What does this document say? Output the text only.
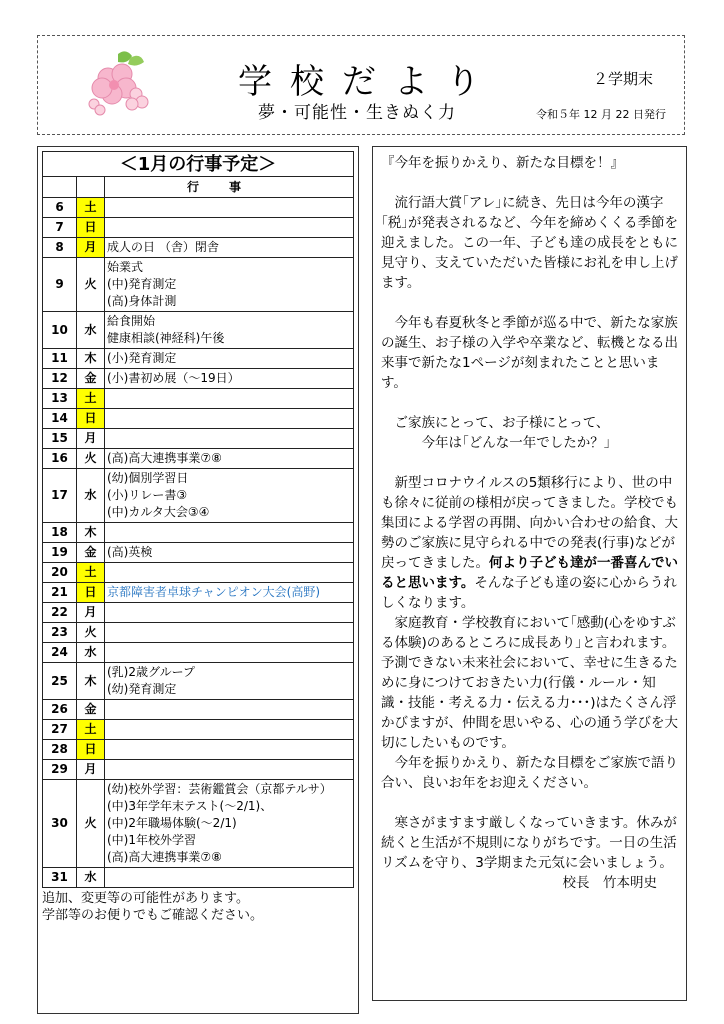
学校だより	２学期末
夢・可能性・生きぬく力	令和５年 12 月 22 日発行
＜1月の行事予定＞		
		行事
6	土	
7	日	
8	月	成人の日 （舎）閉舎

9	火	始業式
(中)発育測定
(高)身体計測

10	水	給食開始
健康相談(神経科)午後

11	木	(小)発育測定

12	金	(小)書初め展（～19日）

13	土	
14	日	
15	月	
16	火	(高)高大連携事業⑦⑧

17	水	(幼)個別学習日
(小)リレー書③
(中)カルタ大会③④

18	木	
19	金	(高)英検

20	土	
21	日	京都障害者卓球チャンピオン大会(高野)

22	月	
23	火	
24	水	
25	木	(乳)2歳グループ
(幼)発育測定

26	金	
27	土	
28	日	
29	月	
30	火	(幼)校外学習：芸術鑑賞会（京都テルサ）
(中)3年学年末テスト(～2/1)、
(中)2年職場体験(～2/1)
(中)1年校外学習
(高)高大連携事業⑦⑧

31	水	
追加、変更等の可能性があります。
学部等のお便りでもご確認ください。

『今年を振りかえり、新たな目標を！』

　流行語大賞｢アレ｣に続き、先日は今年の漢字｢税｣が発表されるなど、今年を締めくくる季節を迎えました。この一年、子ども達の成長をともに見守り、支えていただいた皆様にお礼を申し上げます。

　今年も春夏秋冬と季節が巡る中で、新たな家族の誕生、お子様の入学や卒業など、転機となる出来事で新たな1ページが刻まれたことと思います。

　ご家族にとって、お子様にとって、

　　　今年は｢どんな一年でしたか？｣

　新型コロナウイルスの5類移行により、世の中も徐々に従前の様相が戻ってきました。学校でも集団による学習の再開、向かい合わせの給食、大勢のご家族に見守られる中での発表(行事)などが戻ってきました。何より子ども達が一番喜んでいると思います。そんな子ども達の姿に心からうれしくなります。

　家庭教育・学校教育において｢感動(心をゆすぶる体験)のあるところに成長あり｣と言われます。予測できない未来社会において、幸せに生きるために身につけておきたい力(行儀・ルール・知識・技能・考える力・伝える力･･･)はたくさん浮かびますが、仲間を思いやる、心の通う学びを大切にしたいものです。

　今年を振りかえり、新たな目標をご家族で語り合い、良いお年をお迎えください。

　寒さがますます厳しくなっていきます。休みが続くと生活が不規則になりがちです。一日の生活リズムを守り、3学期また元気に会いましょう。

校長　竹本明史
